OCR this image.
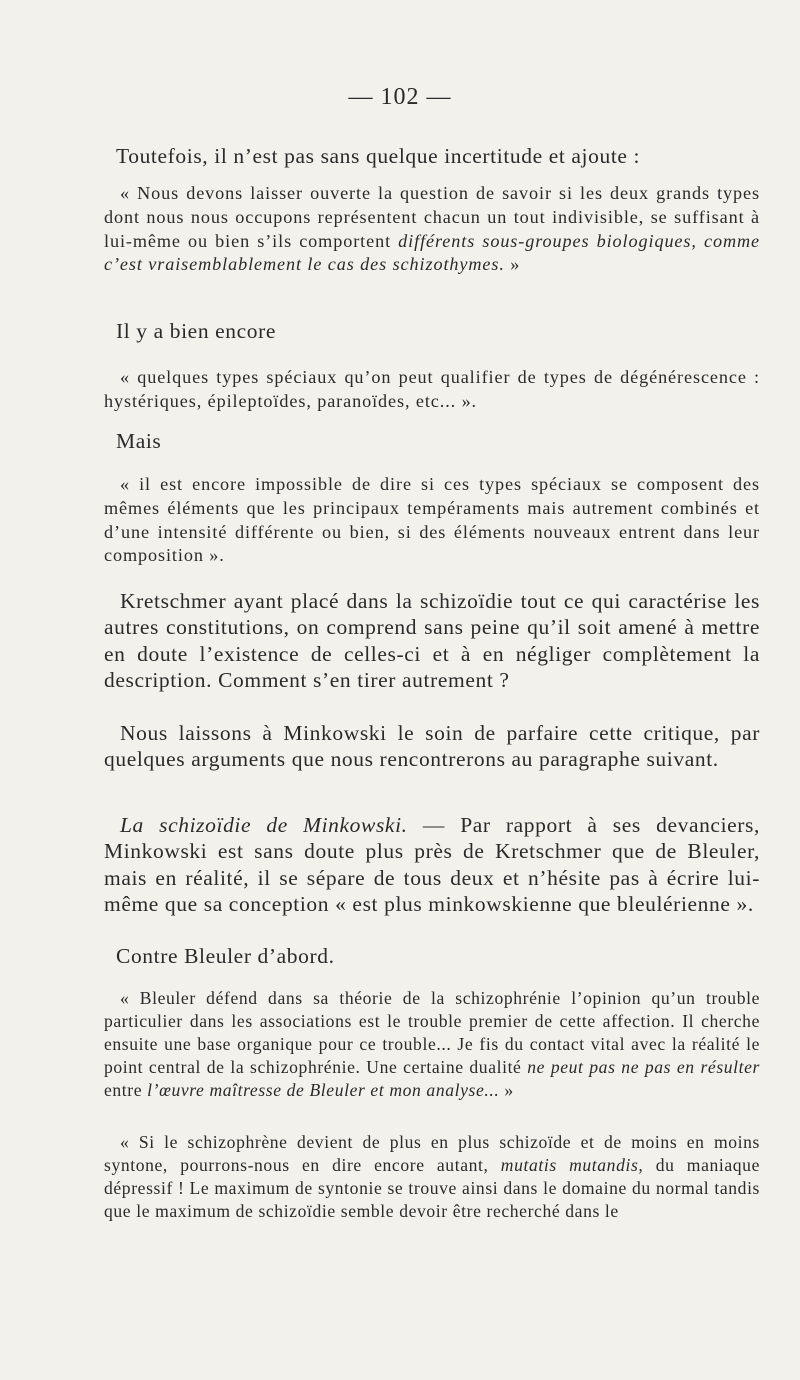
— 102 —

Toutefois, il n’est pas sans quelque incertitude et ajoute :

« Nous devons laisser ouverte la question de savoir si les deux grands types dont nous nous occupons représentent chacun un tout indivisible, se suffisant à lui-même ou bien s’ils comportent différents sous-groupes biologiques, comme c’est vraisemblablement le cas des schizothymes. »

Il y a bien encore

« quelques types spéciaux qu’on peut qualifier de types de dégénérescence : hystériques, épileptoïdes, paranoïdes, etc... ».

Mais

« il est encore impossible de dire si ces types spéciaux se composent des mêmes éléments que les principaux tempéraments mais autrement combinés et d’une intensité différente ou bien, si des éléments nouveaux entrent dans leur composition ».

Kretschmer ayant placé dans la schizoïdie tout ce qui caractérise les autres constitutions, on comprend sans peine qu’il soit amené à mettre en doute l’existence de celles-ci et à en négliger complètement la description. Comment s’en tirer autrement ?

Nous laissons à Minkowski le soin de parfaire cette critique, par quelques arguments que nous rencontrerons au paragraphe suivant.

La schizoïdie de Minkowski. — Par rapport à ses devanciers, Minkowski est sans doute plus près de Kretschmer que de Bleuler, mais en réalité, il se sépare de tous deux et n’hésite pas à écrire lui-même que sa conception « est plus minkowskienne que bleulérienne ».

Contre Bleuler d’abord.

« Bleuler défend dans sa théorie de la schizophrénie l’opinion qu’un trouble particulier dans les associations est le trouble premier de cette affection. Il cherche ensuite une base organique pour ce trouble... Je fis du contact vital avec la réalité le point central de la schizophrénie. Une certaine dualité ne peut pas ne pas en résulter entre l’œuvre maîtresse de Bleuler et mon analyse... »

« Si le schizophrène devient de plus en plus schizoïde et de moins en moins syntone, pourrons-nous en dire encore autant, mutatis mutandis, du maniaque dépressif ! Le maximum de syntonie se trouve ainsi dans le domaine du normal tandis que le maximum de schizoïdie semble devoir être recherché dans le
